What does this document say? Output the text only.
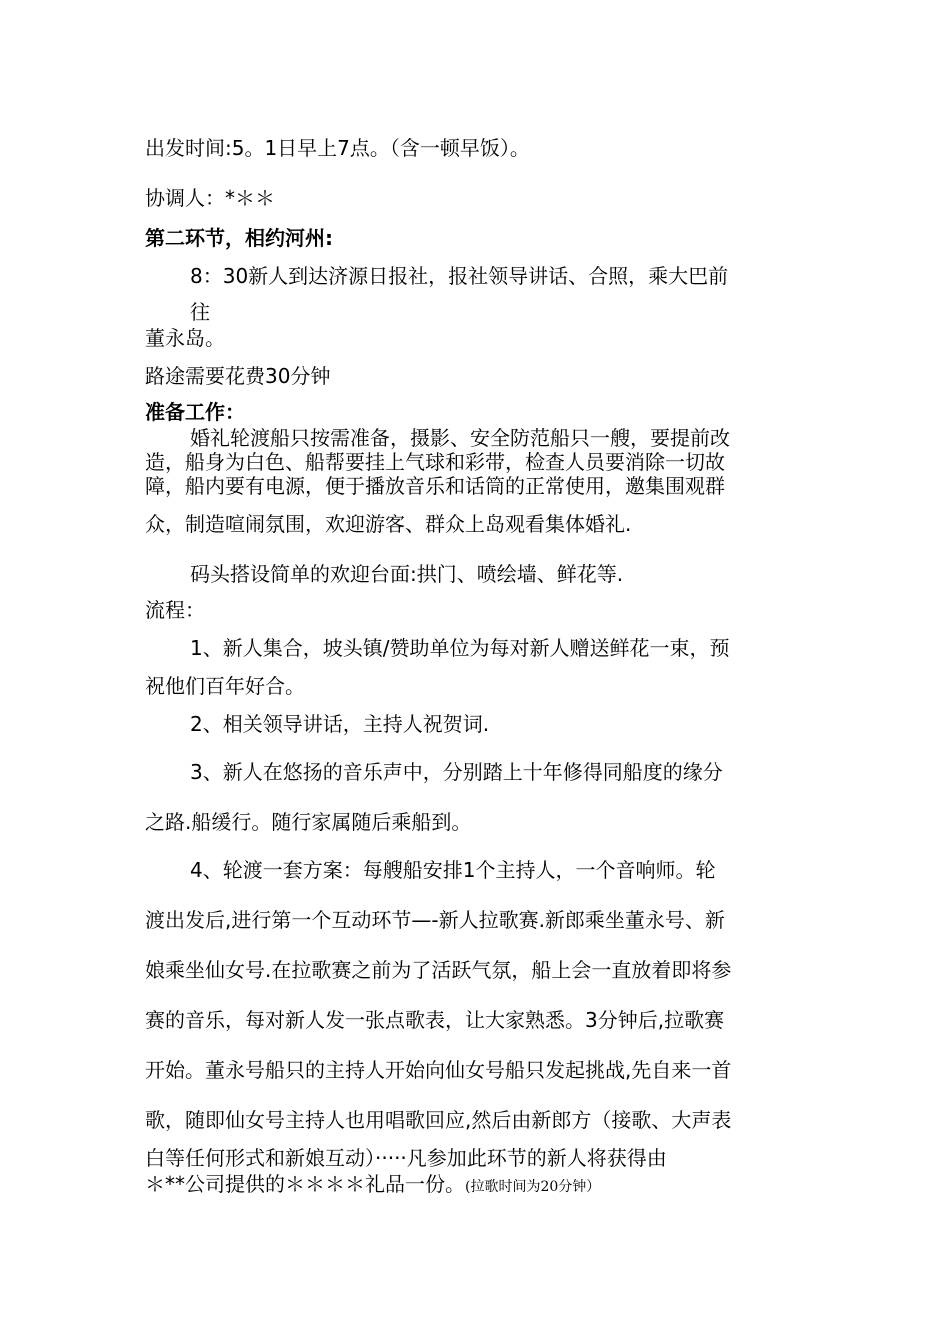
出发时间:5。1日早上7点。（含一顿早饭）。

协调人：*＊＊

第二环节，相约河州:

8：30新人到达济源日报社，报社领导讲话、合照，乘大巴前

往

董永岛。

路途需要花费30分钟

准备工作：

婚礼轮渡船只按需准备，摄影、安全防范船只一艘，要提前改

造，船身为白色、船帮要挂上气球和彩带，检查人员要消除一切故

障，船内要有电源，便于播放音乐和话筒的正常使用，邀集围观群

众，制造喧闹氛围，欢迎游客、群众上岛观看集体婚礼.

码头搭设简单的欢迎台面:拱门、喷绘墙、鲜花等.

流程：

1、新人集合，坡头镇/赞助单位为每对新人赠送鲜花一束，预

祝他们百年好合。

2、相关领导讲话，主持人祝贺词.

3、新人在悠扬的音乐声中，分别踏上十年修得同船度的缘分

之路.船缓行。随行家属随后乘船到。

4、轮渡一套方案：每艘船安排1个主持人，一个音响师。轮

渡出发后,进行第一个互动环节—-新人拉歌赛.新郎乘坐董永号、新

娘乘坐仙女号.在拉歌赛之前为了活跃气氛，船上会一直放着即将参

赛的音乐，每对新人发一张点歌表，让大家熟悉。3分钟后,拉歌赛

开始。董永号船只的主持人开始向仙女号船只发起挑战,先自来一首

歌，随即仙女号主持人也用唱歌回应,然后由新郎方（接歌、大声表

白等任何形式和新娘互动）·····凡参加此环节的新人将获得由

＊**公司提供的＊＊＊＊礼品一份。(拉歌时间为20分钟）
